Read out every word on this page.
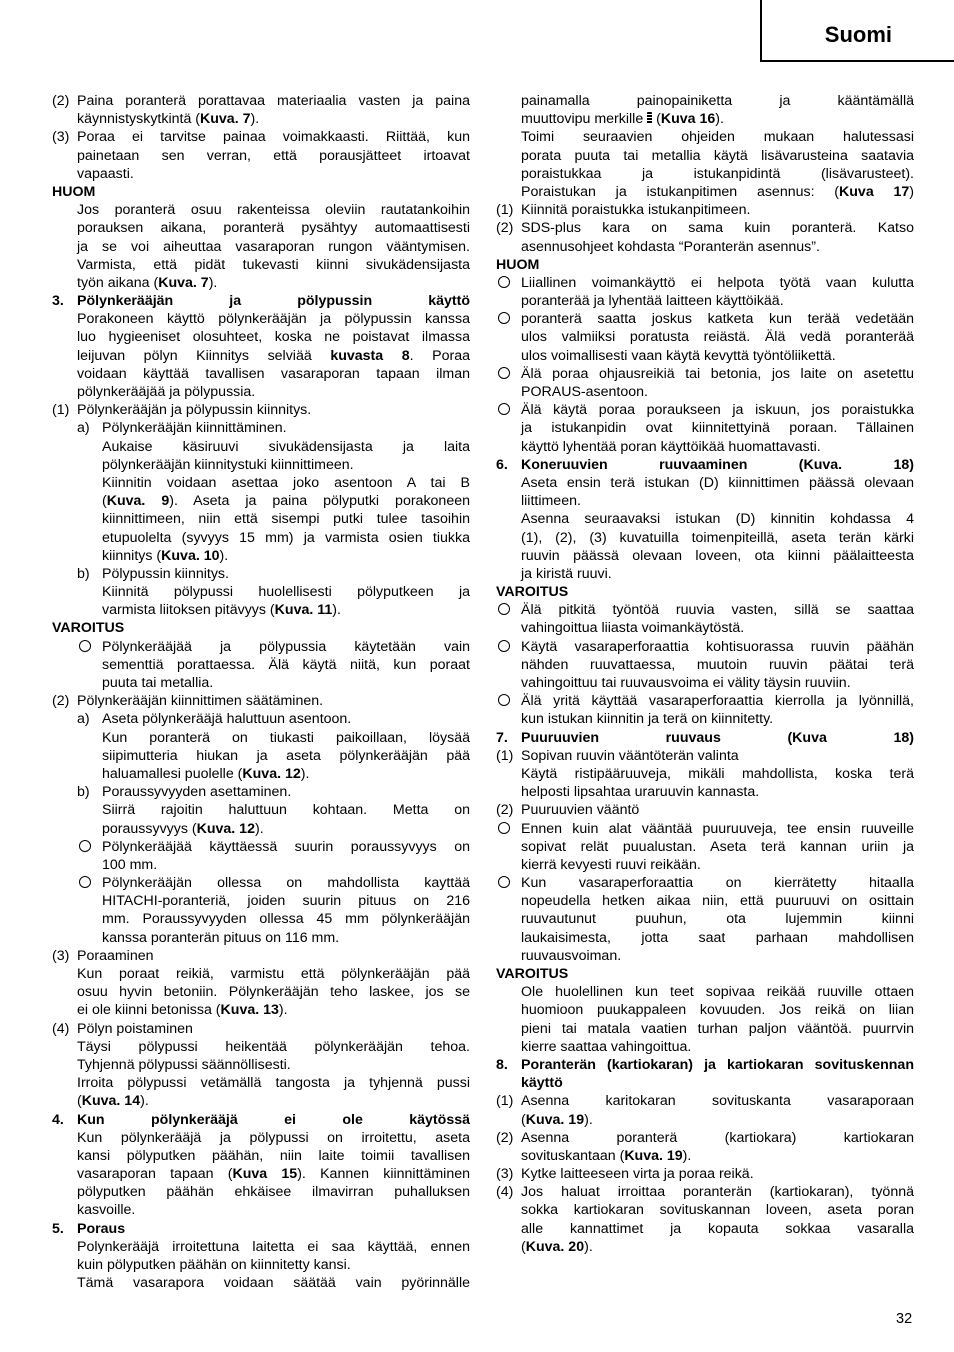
Suomi
(2) Paina poranterä porattavaa materiaalia vasten ja paina
käynnistyskytkintä (Kuva. 7).
(3) Poraa ei tarvitse painaa voimakkaasti. Riittää, kun
painetaan sen verran, että porausjätteet irtoavat
vapaasti.
HUOM
Jos poranterä osuu rakenteissa oleviin rautatankoihin
porauksen aikana, poranterä pysähtyy automaattisesti
ja se voi aiheuttaa vasaraporan rungon vääntymisen.
Varmista, että pidät tukevasti kiinni sivukädensijasta
työn aikana (Kuva. 7).
3. Pölynkerääjän ja pölypussin käyttö
Porakoneen käyttö pölynkerääjän ja pölypussin kanssa
luo hygieeniset olosuhteet, koska ne poistavat ilmassa
leijuvan pölyn Kiinnitys selviää kuvasta 8. Poraa
voidaan käyttää tavallisen vasaraporan tapaan ilman
pölynkerääjää ja pölypussia.
(1) Pölynkerääjän ja pölypussin kiinnitys.
a) Pölynkerääjän kiinnittäminen.
Aukaise käsiruuvi sivukädensijasta ja laita
pölynkerääjän kiinnitystuki kiinnittimeen.
Kiinnitin voidaan asettaa joko asentoon A tai B
(Kuva. 9). Aseta ja paina pölyputki porakoneen
kiinnittimeen, niin että sisempi putki tulee tasoihin
etupuolelta (syvyys 15 mm) ja varmista osien tiukka
kiinnitys (Kuva. 10).
b) Pölypussin kiinnitys.
Kiinnitä pölypussi huolellisesti pölyputkeen ja
varmista liitoksen pitävyys (Kuva. 11).
VAROITUS
Pölynkerääjää ja pölypussia käytetään vain
sementtiä porattaessa. Älä käytä niitä, kun poraat
puuta tai metallia.
(2) Pölynkerääjän kiinnittimen säätäminen.
a) Aseta pölynkerääjä haluttuun asentoon.
Kun poranterä on tiukasti paikoillaan, löysää
siipimutteria hiukan ja aseta pölynkerääjän pää
haluamallesi puolelle (Kuva. 12).
b) Poraussyvyyden asettaminen.
Siirrä rajoitin haluttuun kohtaan. Metta on
poraussyvyys (Kuva. 12).
Pölynkerääjää käyttäessä suurin poraussyvyys on
100 mm.
Pölynkerääjän ollessa on mahdollista kayttää
HITACHI-poranteriä, joiden suurin pituus on 216
mm. Poraussyvyyden ollessa 45 mm pölynkerääjän
kanssa poranterän pituus on 116 mm.
(3) Poraaminen
Kun poraat reikiä, varmistu että pölynkerääjän pää
osuu hyvin betoniin. Pölynkerääjän teho laskee, jos se
ei ole kiinni betonissa (Kuva. 13).
(4) Pölyn poistaminen
Täysi pölypussi heikentää pölynkerääjän tehoa.
Tyhjennä pölypussi säännöllisesti.
Irroita pölypussi vetämällä tangosta ja tyhjennä pussi
(Kuva. 14).
4. Kun pölynkerääjä ei ole käytössä
Kun pölynkerääjä ja pölypussi on irroitettu, aseta
kansi pölyputken päähän, niin laite toimii tavallisen
vasaraporan tapaan (Kuva 15). Kannen kiinnittäminen
pölyputken päähän ehkäisee ilmavirran puhalluksen
kasvoille.
5. Poraus
Polynkerääjä irroitettuna laitetta ei saa käyttää, ennen
kuin pölyputken päähän on kiinnitetty kansi.
Tämä vasarapora voidaan säätää vain pyörinnälle
painamalla painopainiketta ja kääntämällä
muuttovipu merkille  (Kuva 16).
Toimi seuraavien ohjeiden mukaan halutessasi
porata puuta tai metallia käytä lisävarusteina saatavia
poraistukkaa ja istukanpidintä (lisävarusteet).
Poraistukan ja istukanpitimen asennus: (Kuva 17)
(1) Kiinnitä poraistukka istukanpitimeen.
(2) SDS-plus kara on sama kuin poranterä. Katso
asennusohjeet kohdasta “Poranterän asennus”.
HUOM
Liiallinen voimankäyttö ei helpota työtä vaan kulutta
poranterää ja lyhentää laitteen käyttöikää.
poranterä saatta joskus katketa kun terää vedetään
ulos valmiiksi poratusta reiästä. Älä vedä poranterää
ulos voimallisesti vaan käytä kevyttä työntöliikettä.
Älä poraa ohjausreikiä tai betonia, jos laite on asetettu
PORAUS-asentoon.
Älä käytä poraa poraukseen ja iskuun, jos poraistukka
ja istukanpidin ovat kiinnitettyinä poraan. Tällainen
käyttö lyhentää poran käyttöikää huomattavasti.
6. Koneruuvien ruuvaaminen (Kuva. 18)
Aseta ensin terä istukan (D) kiinnittimen päässä olevaan
liittimeen.
Asenna seuraavaksi istukan (D) kinnitin kohdassa 4
(1), (2), (3) kuvatuilla toimenpiteillä, aseta terän kärki
ruuvin päässä olevaan loveen, ota kiinni päälaitteesta
ja kiristä ruuvi.
VAROITUS
Älä pitkitä työntöä ruuvia vasten, sillä se saattaa
vahingoittua liiasta voimankäytöstä.
Käytä vasaraperforaattia kohtisuorassa ruuvin päähän
nähden ruuvattaessa, muutoin ruuvin päätai terä
vahingoittuu tai ruuvausvoima ei välity täysin ruuviin.
Älä yritä käyttää vasaraperforaattia kierrolla ja lyönnillä,
kun istukan kiinnitin ja terä on kiinnitetty.
7. Puuruuvien ruuvaus (Kuva 18)
(1) Sopivan ruuvin vääntöterän valinta
Käytä ristipääruuveja, mikäli mahdollista, koska terä
helposti lipsahtaa uraruuvin kannasta.
(2) Puuruuvien vääntö
Ennen kuin alat vääntää puuruuveja, tee ensin ruuveille
sopivat relät puualustan. Aseta terä kannan uriin ja
kierrä kevyesti ruuvi reikään.
Kun vasaraperforaattia on kierrätetty hitaalla
nopeudella hetken aikaa niin, että puuruuvi on osittain
ruuvautunut puuhun, ota lujemmin kiinni
laukaisimesta, jotta saat parhaan mahdollisen
ruuvausvoiman.
VAROITUS
Ole huolellinen kun teet sopivaa reikää ruuville ottaen
huomioon puukappaleen kovuuden. Jos reikä on liian
pieni tai matala vaatien turhan paljon vääntöä. puurrvin
kierre saattaa vahingoittua.
8. Poranterän (kartiokaran) ja kartiokaran sovituskennan
käyttö
(1) Asenna karitokaran sovituskanta vasaraporaan
(Kuva. 19).
(2) Asenna poranterä (kartiokara) kartiokaran
sovituskantaan (Kuva. 19).
(3) Kytke laitteeseen virta ja poraa reikä.
(4) Jos haluat irroittaa poranterän (kartiokaran), työnnä
sokka kartiokaran sovituskannan loveen, aseta poran
alle kannattimet ja kopauta sokkaa vasaralla
(Kuva. 20).
32
